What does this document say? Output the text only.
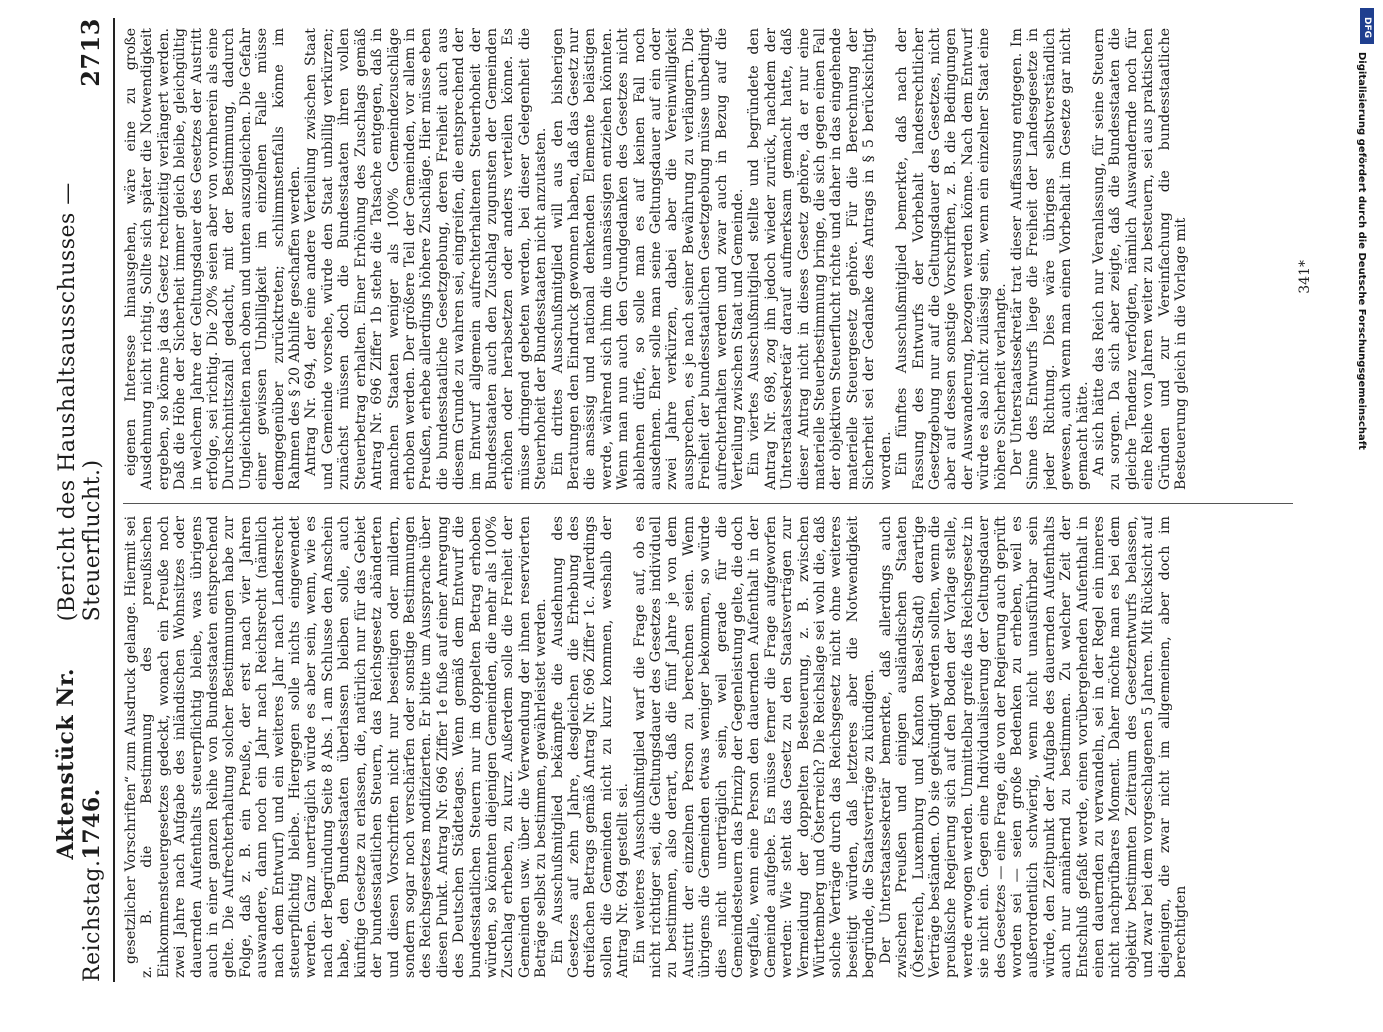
Reichstag.
Aktenstück Nr. 1746.
(Bericht des Haushaltsausschusses — Steuerflucht.)
2713

gesetzlicher Vorschriften“ zum Ausdruck gelange. Hiermit sei z. B. die Bestimmung des preußischen Einkommensteuergesetzes gedeckt, wonach ein Preuße noch zwei Jahre nach Aufgabe des inländischen Wohnsitzes oder dauernden Aufenthalts steuerpflichtig bleibe, was übrigens auch in einer ganzen Reihe von Bundesstaaten entsprechend gelte. Die Aufrechterhaltung solcher Bestimmungen habe zur Folge, daß z. B. ein Preuße, der erst nach vier Jahren auswandere, dann noch ein Jahr nach Reichsrecht (nämlich nach dem Entwurf) und ein weiteres Jahr nach Landesrecht steuerpflichtig bleibe. Hiergegen solle nichts eingewendet werden. Ganz unerträglich würde es aber sein, wenn, wie es nach der Begründung Seite 8 Abs. 1 am Schlusse den Anschein habe, den Bundesstaaten überlassen bleiben solle, auch künftige Gesetze zu erlassen, die, natürlich nur für das Gebiet der bundesstaatlichen Steuern, das Reichsgesetz abänderten und diesen Vorschriften nicht nur beseitigen oder mildern, sondern sogar noch verschärfen oder sonstige Bestimmungen des Reichsgesetzes modifizierten. Er bitte um Aussprache über diesen Punkt. Antrag Nr. 696 Ziffer 1e fuße auf einer Anregung des Deutschen Städtetages. Wenn gemäß dem Entwurf die bundesstaatlichen Steuern nur im doppelten Betrag erhoben würden, so könnten diejenigen Gemeinden, die mehr als 100% Zuschlag erheben, zu kurz. Außerdem solle die Freiheit der Gemeinden usw. über die Verwendung der ihnen reservierten Beträge selbst zu bestimmen, gewährleistet werden. Ein Ausschußmitglied bekämpfte die Ausdehnung des Gesetzes auf zehn Jahre, desgleichen die Erhebung des dreifachen Betrags gemäß Antrag Nr. 696 Ziffer 1c. Allerdings sollen die Gemeinden nicht zu kurz kommen, weshalb der Antrag Nr. 694 gestellt sei. Ein weiteres Ausschußmitglied warf die Frage auf, ob es nicht richtiger sei, die Geltungsdauer des Gesetzes individuell zu bestimmen, also derart, daß die fünf Jahre je von dem Austritt der einzelnen Person zu berechnen seien. Wenn übrigens die Gemeinden etwas weniger bekommen, so würde dies nicht unerträglich sein, weil gerade für die Gemeindesteuern das Prinzip der Gegenleistung gelte, die doch wegfalle, wenn eine Person den dauernden Aufenthalt in der Gemeinde aufgebe. Es müsse ferner die Frage aufgeworfen werden: Wie steht das Gesetz zu den Staatsverträgen zur Vermeidung der doppelten Besteuerung, z. B. zwischen Württemberg und Österreich? Die Reichslage sei wohl die, daß solche Verträge durch das Reichsgesetz nicht ohne weiteres beseitigt würden, daß letzteres aber die Notwendigkeit begründe, die Staatsverträge zu kündigen. Der Unterstaatssekretär bemerkte, daß allerdings auch zwischen Preußen und einigen ausländischen Staaten (Österreich, Luxemburg und Kanton Basel-Stadt) derartige Verträge beständen. Ob sie gekündigt werden sollten, wenn die preußische Regierung sich auf den Boden der Vorlage stelle, werde erwogen werden. Unmittelbar greife das Reichsgesetz in sie nicht ein. Gegen eine Individualisierung der Geltungsdauer des Gesetzes — eine Frage, die von der Regierung auch geprüft worden sei — seien große Bedenken zu erheben, weil es außerordentlich schwierig, wenn nicht unausführbar sein würde, den Zeitpunkt der Aufgabe des dauernden Aufenthalts auch nur annähernd zu bestimmen. Zu welcher Zeit der Entschluß gefaßt werde, einen vorübergehenden Aufenthalt in einen dauernden zu verwandeln, sei in der Regel ein inneres nicht nachprüfbares Moment. Daher möchte man es bei dem objektiv bestimmten Zeitraum des Gesetzentwurfs belassen, und zwar bei dem vorgeschlagenen 5 Jahren. Mit Rücksicht auf diejenigen, die zwar nicht im allgemeinen, aber doch im berechtigten

eigenen Interesse hinausgehen, wäre eine zu große Ausdehnung nicht richtig. Sollte sich später die Notwendigkeit ergeben, so könne ja das Gesetz rechtzeitig verlängert werden. Daß die Höhe der Sicherheit immer gleich bleibe, gleichgültig in welchem Jahre der Geltungsdauer des Gesetzes der Austritt erfolge, sei richtig. Die 20% seien aber von vornherein als eine Durchschnittszahl gedacht, mit der Bestimmung, dadurch Ungleichheiten nach oben und unten auszugleichen. Die Gefahr einer gewissen Unbilligkeit im einzelnen Falle müsse demgegenüber zurücktreten; schlimmstenfalls könne im Rahmen des § 20 Abhilfe geschaffen werden. Antrag Nr. 694, der eine andere Verteilung zwischen Staat und Gemeinde vorsehe, würde den Staat unbillig verkürzen; zunächst müssen doch die Bundesstaaten ihren vollen Steuerbetrag erhalten. Einer Erhöhung des Zuschlags gemäß Antrag Nr. 696 Ziffer 1b stehe die Tatsache entgegen, daß in manchen Staaten weniger als 100% Gemeindezuschläge erhoben werden. Der größere Teil der Gemeinden, vor allem in Preußen, erhebe allerdings höhere Zuschläge. Hier müsse eben die bundesstaatliche Gesetzgebung, deren Freiheit auch aus diesem Grunde zu wahren sei, eingreifen, die entsprechend der im Entwurf allgemein aufrechterhaltenen Steuerhoheit der Bundesstaaten auch den Zuschlag zugunsten der Gemeinden erhöhen oder herabsetzen oder anders verteilen könne. Es müsse dringend gebeten werden, bei dieser Gelegenheit die Steuerhoheit der Bundesstaaten nicht anzutasten. Ein drittes Ausschußmitglied will aus den bisherigen Beratungen den Eindruck gewonnen haben, daß das Gesetz nur die ansässig und national denkenden Elemente belästigen werde, während sich ihm die unansässigen entziehen könnten. Wenn man nun auch den Grundgedanken des Gesetzes nicht ablehnen dürfe, so solle man es auf keinen Fall noch ausdehnen. Eher solle man seine Geltungsdauer auf ein oder zwei Jahre verkürzen, dabei aber die Vereinwilligkeit aussprechen, es je nach seiner Bewährung zu verlängern. Die Freiheit der bundesstaatlichen Gesetzgebung müsse unbedingt aufrechterhalten werden und zwar auch in Bezug auf die Verteilung zwischen Staat und Gemeinde. Ein viertes Ausschußmitglied stellte und begründete den Antrag Nr. 698, zog ihn jedoch wieder zurück, nachdem der Unterstaatssekretär darauf aufmerksam gemacht hatte, daß dieser Antrag nicht in dieses Gesetz gehöre, da er nur eine materielle Steuerbestimmung bringe, die sich gegen einen Fall der objektiven Steuerflucht richte und daher in das eingehende materielle Steuergesetz gehöre. Für die Berechnung der Sicherheit sei der Gedanke des Antrags in § 5 berücksichtigt worden. Ein fünftes Ausschußmitglied bemerkte, daß nach der Fassung des Entwurfs der Vorbehalt landesrechtlicher Gesetzgebung nur auf die Geltungsdauer des Gesetzes, nicht aber auf dessen sonstige Vorschriften, z. B. die Bedingungen der Auswanderung, bezogen werden könne. Nach dem Entwurf würde es also nicht zulässig sein, wenn ein einzelner Staat eine höhere Sicherheit verlangte. Der Unterstaatssekretär trat dieser Auffassung entgegen. Im Sinne des Entwurfs liege die Freiheit der Landesgesetze in jeder Richtung. Dies wäre übrigens selbstverständlich gewesen, auch wenn man einen Vorbehalt im Gesetze gar nicht gemacht hätte. An sich hätte das Reich nur Veranlassung, für seine Steuern zu sorgen. Da sich aber zeigte, daß die Bundesstaaten die gleiche Tendenz verfolgten, nämlich Auswandernde noch für eine Reihe von Jahren weiter zu besteuern, sei aus praktischen Gründen und zur Vereinfachung die bundesstaatliche Besteuerung gleich in die Vorlage mit	341*
DFG
Digitalisierung gefördert durch die Deutsche Forschungsgemeinschaft
